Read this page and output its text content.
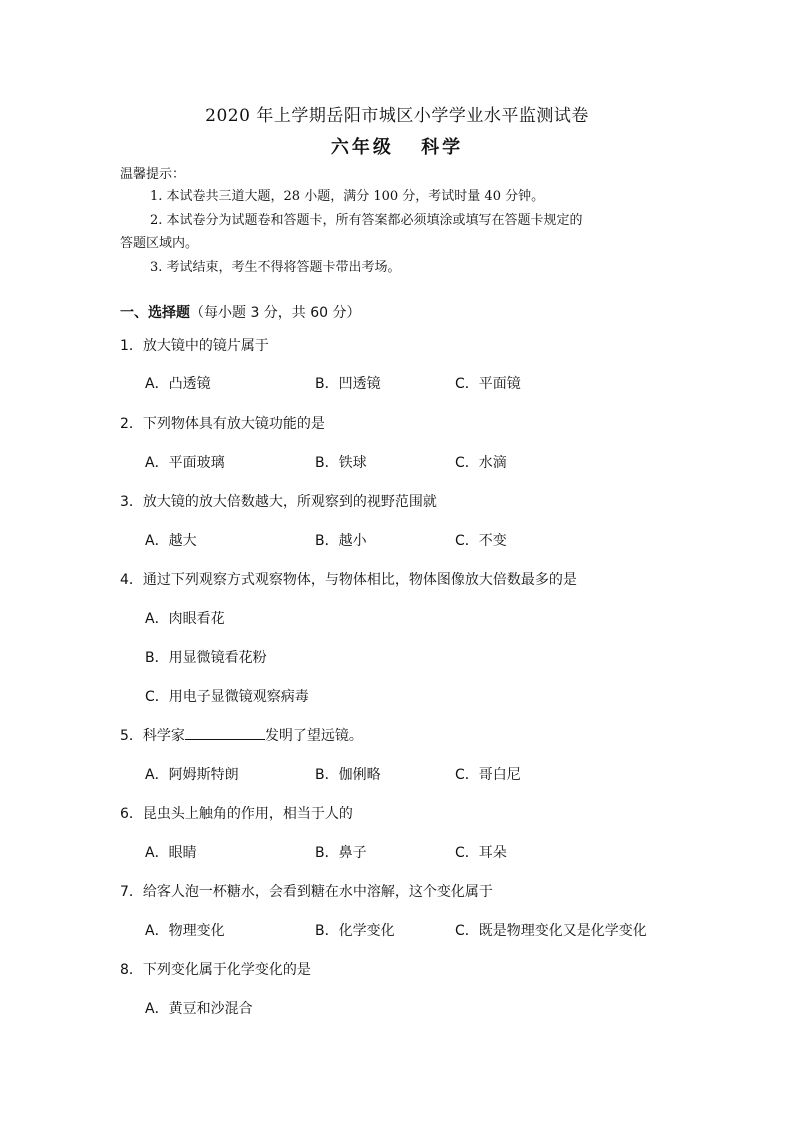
2020 年上学期岳阳市城区小学学业水平监测试卷
六年级 科学
温馨提示：
1. 本试卷共三道大题，28 小题，满分 100 分，考试时量 40 分钟。
2. 本试卷分为试题卷和答题卡，所有答案都必须填涂或填写在答题卡规定的
答题区域内。
3. 考试结束，考生不得将答题卡带出考场。
一、选择题（每小题 3 分，共 60 分）
1．放大镜中的镜片属于
A．凸透镜	B．凹透镜	C．平面镜
2．下列物体具有放大镜功能的是
A．平面玻璃	B．铁球	C．水滴
3．放大镜的放大倍数越大，所观察到的视野范围就
A．越大	B．越小	C．不变
4．通过下列观察方式观察物体，与物体相比，物体图像放大倍数最多的是
A．肉眼看花
B．用显微镜看花粉
C．用电子显微镜观察病毒
5．科学家	发明了望远镜。
A．阿姆斯特朗	B．伽俐略	C．哥白尼
6．昆虫头上触角的作用，相当于人的
A．眼睛	B．鼻子	C．耳朵
7．给客人泡一杯糖水，会看到糖在水中溶解，这个变化属于
A．物理变化	B．化学变化	C．既是物理变化又是化学变化
8．下列变化属于化学变化的是
A．黄豆和沙混合
